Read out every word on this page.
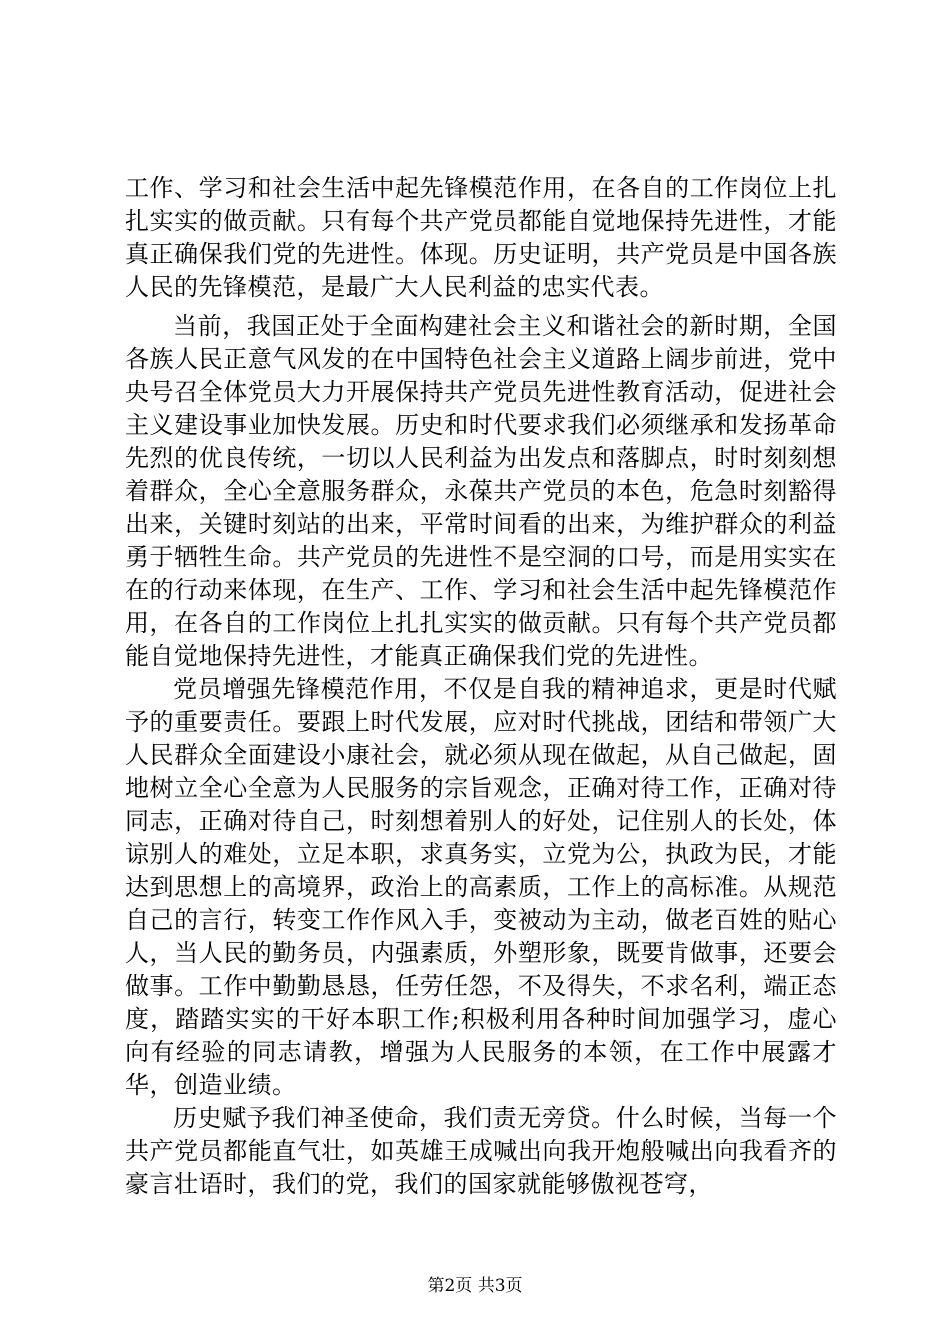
工作、学习和社会生活中起先锋模范作用，在各自的工作岗位上扎扎实实的做贡献。只有每个共产党员都能自觉地保持先进性，才能真正确保我们党的先进性。体现。历史证明，共产党员是中国各族人民的先锋模范，是最广大人民利益的忠实代表。

当前，我国正处于全面构建社会主义和谐社会的新时期，全国各族人民正意气风发的在中国特色社会主义道路上阔步前进，党中央号召全体党员大力开展保持共产党员先进性教育活动，促进社会主义建设事业加快发展。历史和时代要求我们必须继承和发扬革命先烈的优良传统，一切以人民利益为出发点和落脚点，时时刻刻想着群众，全心全意服务群众，永葆共产党员的本色，危急时刻豁得出来，关键时刻站的出来，平常时间看的出来，为维护群众的利益勇于牺牲生命。共产党员的先进性不是空洞的口号，而是用实实在在的行动来体现，在生产、工作、学习和社会生活中起先锋模范作用，在各自的工作岗位上扎扎实实的做贡献。只有每个共产党员都能自觉地保持先进性，才能真正确保我们党的先进性。

党员增强先锋模范作用，不仅是自我的精神追求，更是时代赋予的重要责任。要跟上时代发展，应对时代挑战，团结和带领广大人民群众全面建设小康社会，就必须从现在做起，从自己做起，固地树立全心全意为人民服务的宗旨观念，正确对待工作，正确对待同志，正确对待自己，时刻想着别人的好处，记住别人的长处，体谅别人的难处，立足本职，求真务实，立党为公，执政为民，才能达到思想上的高境界，政治上的高素质，工作上的高标准。从规范自己的言行，转变工作作风入手，变被动为主动，做老百姓的贴心人，当人民的勤务员，内强素质，外塑形象，既要肯做事，还要会做事。工作中勤勤恳恳，任劳任怨，不及得失，不求名利，端正态度，踏踏实实的干好本职工作;积极利用各种时间加强学习，虚心向有经验的同志请教，增强为人民服务的本领，在工作中展露才华，创造业绩。

历史赋予我们神圣使命，我们责无旁贷。什么时候，当每一个共产党员都能直气壮，如英雄王成喊出向我开炮般喊出向我看齐的豪言壮语时，我们的党，我们的国家就能够傲视苍穹，

第2页 共3页
